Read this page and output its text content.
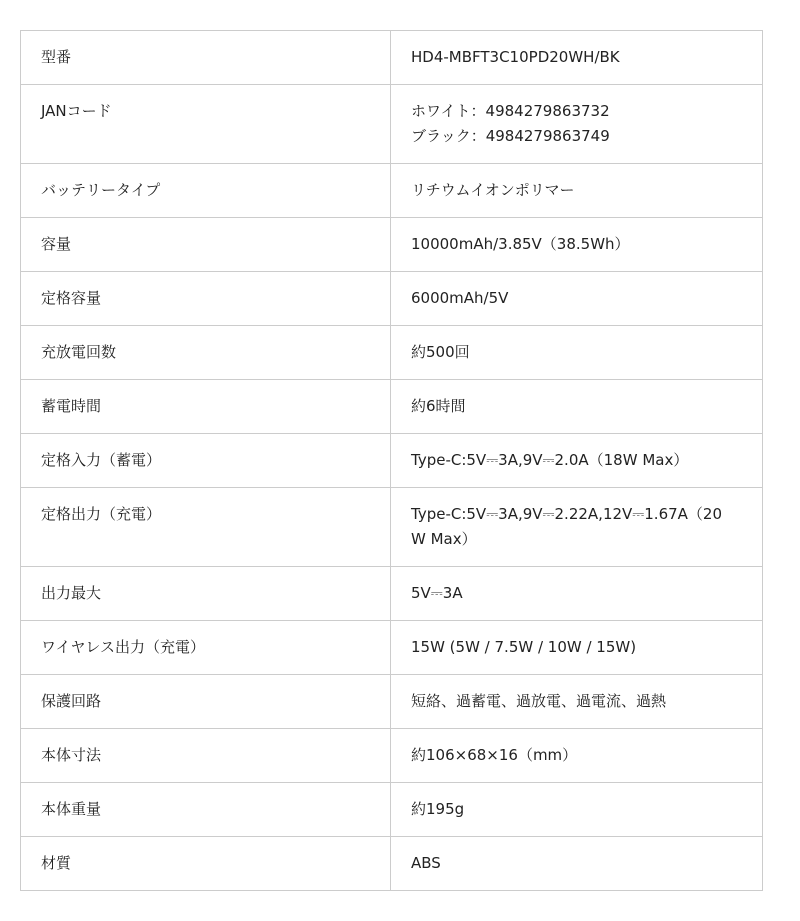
型番	HD4-MBFT3C10PD20WH/BK

JANコード	ホワイト：4984279863732
ブラック：4984279863749

バッテリータイプ	リチウムイオンポリマー

容量	10000mAh/3.85V（38.5Wh）

定格容量	6000mAh/5V

充放電回数	約500回

蓄電時間	約6時間

定格入力（蓄電）	Type-C:5V⎓3A,9V⎓2.0A（18W Max）

定格出力（充電）	Type-C:5V⎓3A,9V⎓2.22A,12V⎓1.67A（20
W Max）

出力最大	5V⎓3A

ワイヤレス出力（充電）	15W (5W / 7.5W / 10W / 15W)

保護回路	短絡、過蓄電、過放電、過電流、過熱

本体寸法	約106×68×16（mm）

本体重量	約195g

材質	ABS
